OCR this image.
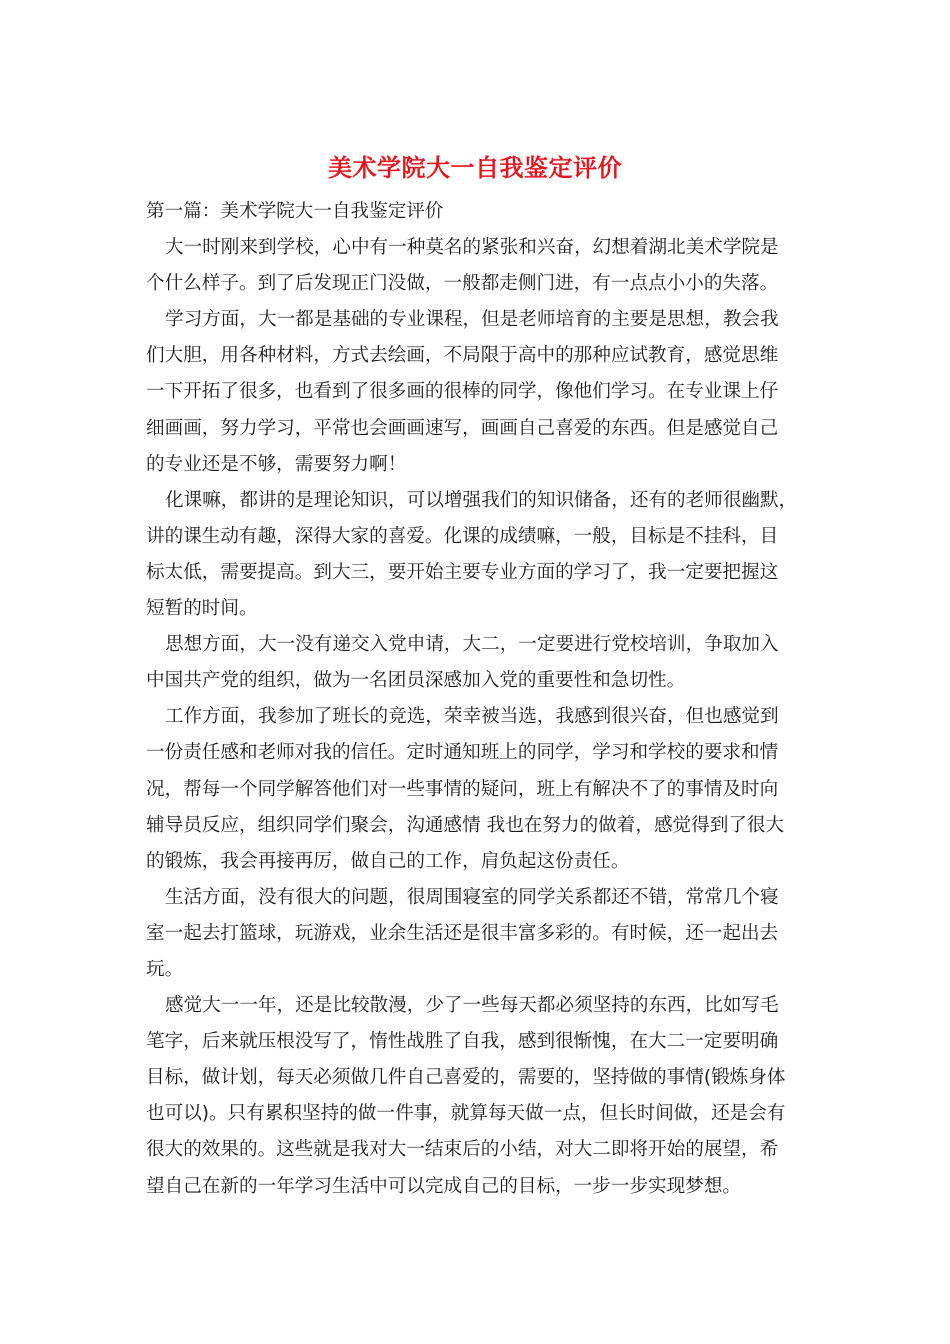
美术学院大一自我鉴定评价
第一篇：美术学院大一自我鉴定评价
大一时刚来到学校，心中有一种莫名的紧张和兴奋，幻想着湖北美术学院是
个什么样子。到了后发现正门没做，一般都走侧门进，有一点点小小的失落。
学习方面，大一都是基础的专业课程，但是老师培育的主要是思想，教会我
们大胆，用各种材料，方式去绘画，不局限于高中的那种应试教育，感觉思维
一下开拓了很多，也看到了很多画的很棒的同学，像他们学习。在专业课上仔
细画画，努力学习，平常也会画画速写，画画自己喜爱的东西。但是感觉自己
的专业还是不够，需要努力啊！
化课嘛，都讲的是理论知识，可以增强我们的知识储备，还有的老师很幽默，
讲的课生动有趣，深得大家的喜爱。化课的成绩嘛，一般，目标是不挂科，目
标太低，需要提高。到大三，要开始主要专业方面的学习了，我一定要把握这
短暂的时间。
思想方面，大一没有递交入党申请，大二，一定要进行党校培训，争取加入
中国共产党的组织，做为一名团员深感加入党的重要性和急切性。
工作方面，我参加了班长的竞选，荣幸被当选，我感到很兴奋，但也感觉到
一份责任感和老师对我的信任。定时通知班上的同学，学习和学校的要求和情
况，帮每一个同学解答他们对一些事情的疑问，班上有解决不了的事情及时向
辅导员反应，组织同学们聚会，沟通感情 我也在努力的做着，感觉得到了很大
的锻炼，我会再接再厉，做自己的工作，肩负起这份责任。
生活方面，没有很大的问题，很周围寝室的同学关系都还不错，常常几个寝
室一起去打篮球，玩游戏，业余生活还是很丰富多彩的。有时候，还一起出去
玩。
感觉大一一年，还是比较散漫，少了一些每天都必须坚持的东西，比如写毛
笔字，后来就压根没写了，惰性战胜了自我，感到很惭愧，在大二一定要明确
目标，做计划，每天必须做几件自己喜爱的，需要的，坚持做的事情(锻炼身体
也可以)。只有累积坚持的做一件事，就算每天做一点，但长时间做，还是会有
很大的效果的。这些就是我对大一结束后的小结，对大二即将开始的展望，希
望自己在新的一年学习生活中可以完成自己的目标，一步一步实现梦想。
